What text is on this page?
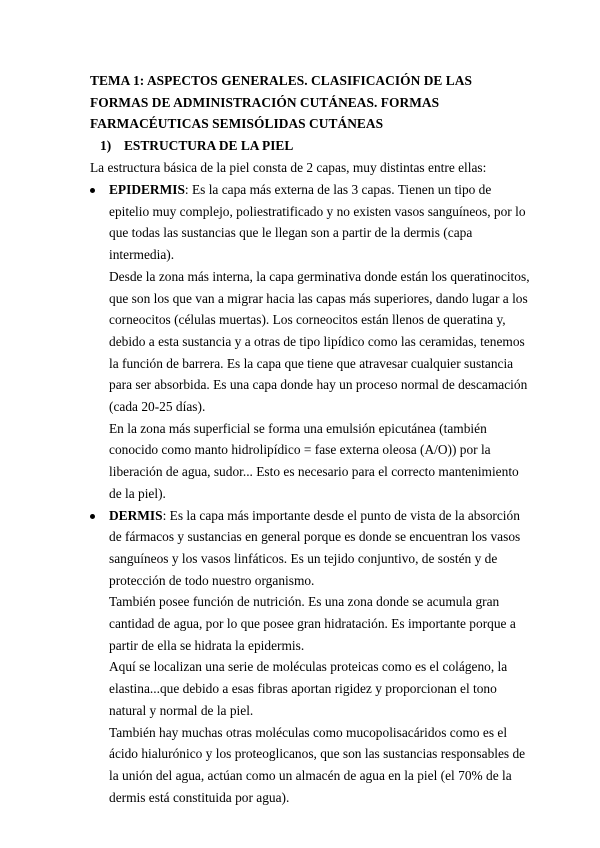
TEMA 1: ASPECTOS GENERALES. CLASIFICACIÓN DE LAS FORMAS DE ADMINISTRACIÓN CUTÁNEAS. FORMAS FARMACÉUTICAS SEMISÓLIDAS CUTÁNEAS
1) ESTRUCTURA DE LA PIEL
La estructura básica de la piel consta de 2 capas, muy distintas entre ellas:

EPIDERMIS: Es la capa más externa de las 3 capas. Tienen un tipo de epitelio muy complejo, poliestratificado y no existen vasos sanguíneos, por lo que todas las sustancias que le llegan son a partir de la dermis (capa intermedia).

Desde la zona más interna, la capa germinativa donde están los queratinocitos, que son los que van a migrar hacia las capas más superiores, dando lugar a los corneocitos (células muertas). Los corneocitos están llenos de queratina y, debido a esta sustancia y a otras de tipo lipídico como las ceramidas, tenemos la función de barrera. Es la capa que tiene que atravesar cualquier sustancia para ser absorbida. Es una capa donde hay un proceso normal de descamación (cada 20-25 días).

En la zona más superficial se forma una emulsión epicutánea (también conocido como manto hidrolipídico = fase externa oleosa (A/O)) por la liberación de agua, sudor... Esto es necesario para el correcto mantenimiento de la piel).

DERMIS: Es la capa más importante desde el punto de vista de la absorción de fármacos y sustancias en general porque es donde se encuentran los vasos sanguíneos y los vasos linfáticos. Es un tejido conjuntivo, de sostén y de protección de todo nuestro organismo.

También posee función de nutrición. Es una zona donde se acumula gran cantidad de agua, por lo que posee gran hidratación. Es importante porque a partir de ella se hidrata la epidermis.

Aquí se localizan una serie de moléculas proteicas como es el colágeno, la elastina...que debido a esas fibras aportan rigidez y proporcionan el tono natural y normal de la piel.

También hay muchas otras moléculas como mucopolisacáridos como es el ácido hialurónico y los proteoglicanos, que son las sustancias responsables de la unión del agua, actúan como un almacén de agua en la piel (el 70% de la dermis está constituida por agua).
